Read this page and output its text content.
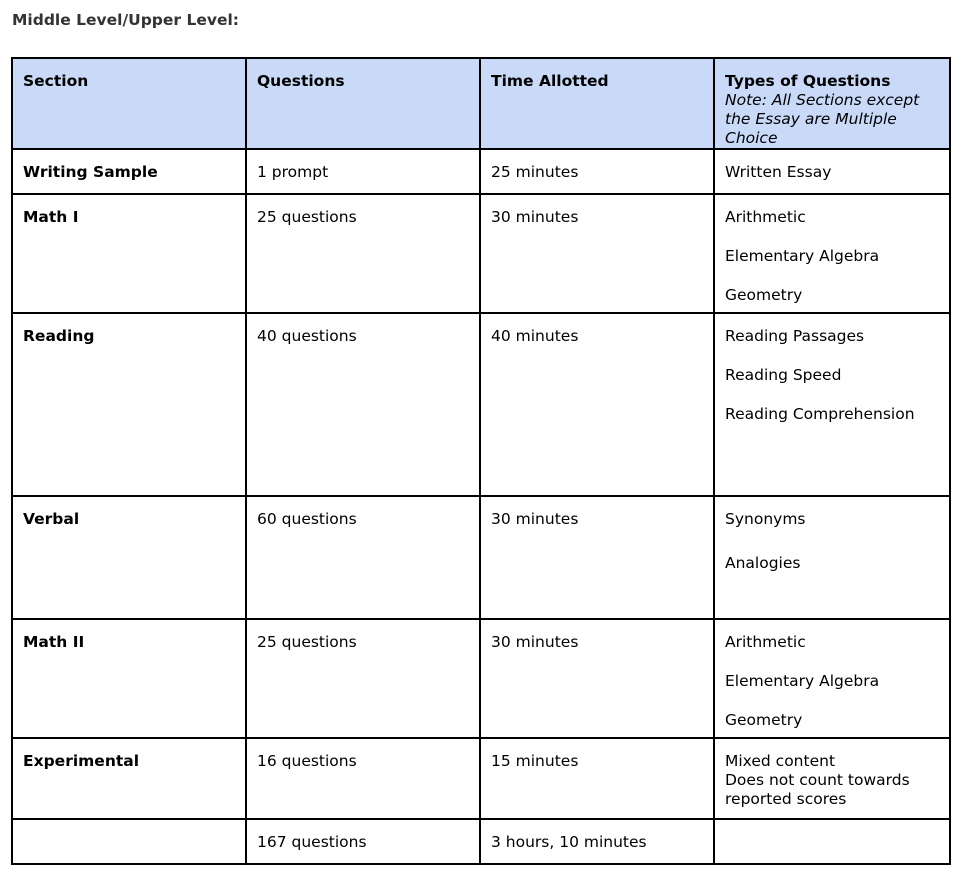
Middle Level/Upper Level:
Section	Questions	Time Allotted	Types of Questions
Note: All Sections except the Essay are Multiple Choice

Writing Sample	1 prompt	25 minutes	Written Essay

Math I	25 questions	30 minutes	Arithmetic
Elementary Algebra
Geometry

Reading	40 questions	40 minutes	Reading Passages
Reading Speed
Reading Comprehension

Verbal	60 questions	30 minutes	Synonyms
Analogies

Math II	25 questions	30 minutes	Arithmetic
Elementary Algebra
Geometry

Experimental	16 questions	15 minutes	Mixed content
Does not count towards
reported scores

	167 questions	3 hours, 10 minutes	
